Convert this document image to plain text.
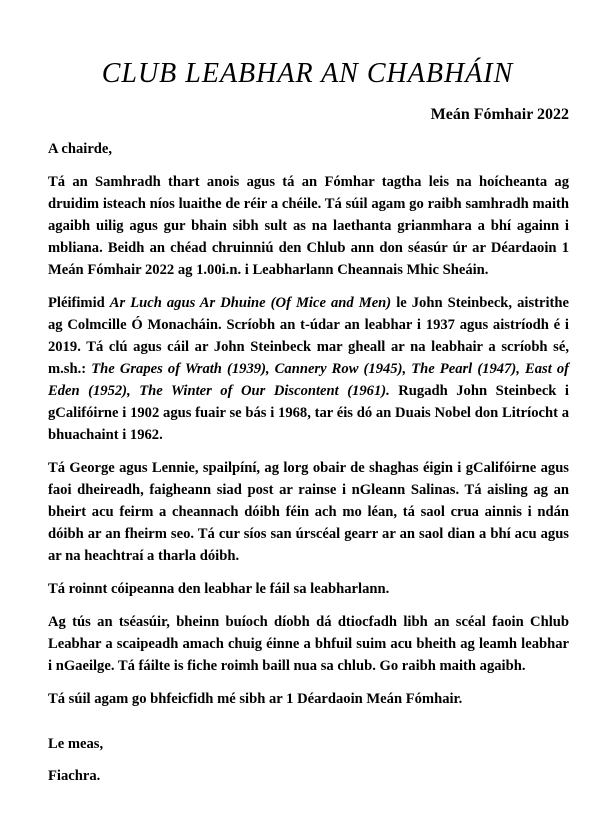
CLUB LEABHAR AN CHABHÁIN
Meán Fómhair 2022

A chairde,

Tá an Samhradh thart anois agus tá an Fómhar tagtha leis na hoícheanta ag druidim isteach níos luaithe de réir a chéile. Tá súil agam go raibh samhradh maith agaibh uilig agus gur bhain sibh sult as na laethanta grianmhara a bhí againn i mbliana. Beidh an chéad chruinniú den Chlub ann don séasúr úr ar Déardaoin 1 Meán Fómhair 2022 ag 1.00i.n. i Leabharlann Cheannais Mhic Sheáin.

Pléifimid Ar Luch agus Ar Dhuine (Of Mice and Men) le John Steinbeck, aistrithe ag Colmcille Ó Monacháin. Scríobh an t-údar an leabhar i 1937 agus aistríodh é i 2019. Tá clú agus cáil ar John Steinbeck mar gheall ar na leabhair a scríobh sé, m.sh.: The Grapes of Wrath (1939), Cannery Row (1945), The Pearl (1947), East of Eden (1952), The Winter of Our Discontent (1961). Rugadh John Steinbeck i gCalifóirne i 1902 agus fuair se bás i 1968, tar éis dó an Duais Nobel don Litríocht a bhuachaint i 1962.

Tá George agus Lennie, spailpíní, ag lorg obair de shaghas éigin i gCalifóirne agus faoi dheireadh, faigheann siad post ar rainse i nGleann Salinas. Tá aisling ag an bheirt acu feirm a cheannach dóibh féin ach mo léan, tá saol crua ainnis i ndán dóibh ar an fheirm seo. Tá cur síos san úrscéal gearr ar an saol dian a bhí acu agus ar na heachtraí a tharla dóibh.

Tá roinnt cóipeanna den leabhar le fáil sa leabharlann.

Ag tús an tséasúir, bheinn buíoch díobh dá dtiocfadh libh an scéal faoin Chlub Leabhar a scaipeadh amach chuig éinne a bhfuil suim acu bheith ag leamh leabhar i nGaeilge. Tá fáilte is fiche roimh baill nua sa chlub. Go raibh maith agaibh.

Tá súil agam go bhfeicfidh mé sibh ar 1 Déardaoin Meán Fómhair.

Le meas,
Fiachra.
